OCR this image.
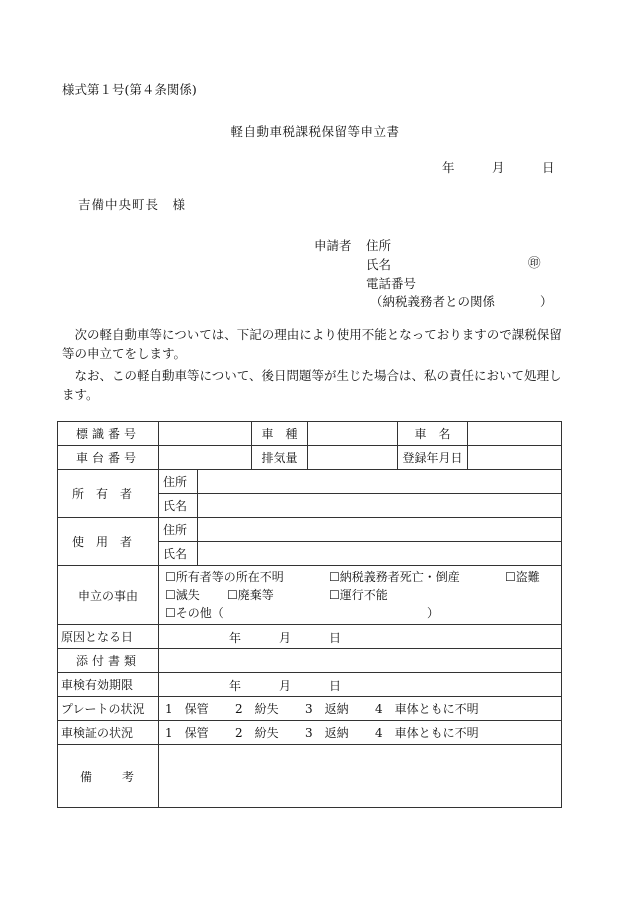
様式第１号(第４条関係)
軽自動車税課税保留等申立書
年	月	日
吉備中央町長　様
申請者 住所
氏名	㊞
電話番号
（納税義務者との関係	）
　次の軽自動車等については、下記の理由により使用不能となっておりますので課税保留等の申立てをします。
　なお、この軽自動車等について、後日問題等が生じた場合は、私の責任において処理します。
標識番号			車　種		車　名	
車台番号			排気量		登録年月日	
所有者	住所					
	氏名					
使用者	住所					
	氏名					
申立の事由	☐所有者等の所在不明 ☐納税義務者死亡・倒産 ☐盗難
☐滅失 ☐廃棄等 ☐運行不能
☐その他（ ）					

原因となる日	年 月 日					

添付書類						
車検有効期限	年 月 日					

プレートの状況	1　保管 2　紛失 3　返納 4　車体ともに不明					
車検証の状況	1　保管 2　紛失 3　返納 4　車体ともに不明					
備　　考						
